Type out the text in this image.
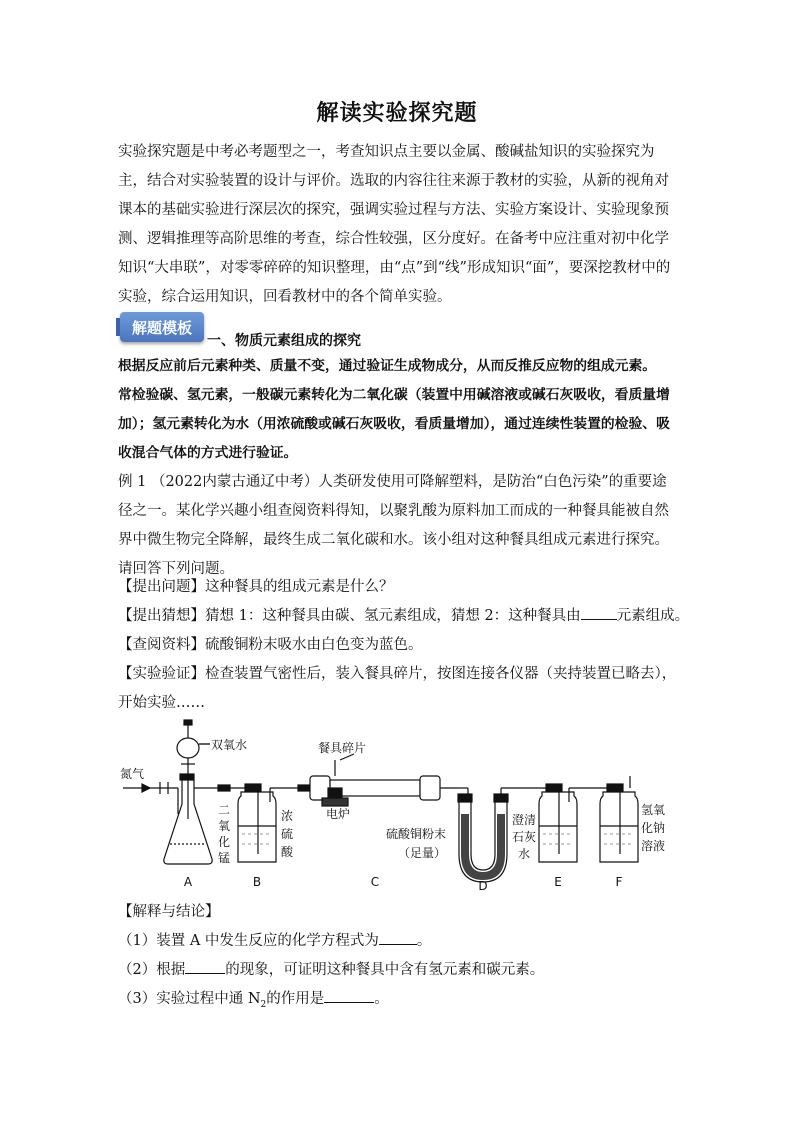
解读实验探究题

实验探究题是中考必考题型之一，考查知识点主要以金属、酸碱盐知识的实验探究为主，结合对实验装置的设计与评价。选取的内容往往来源于教材的实验，从新的视角对课本的基础实验进行深层次的探究，强调实验过程与方法、实验方案设计、实验现象预测、逻辑推理等高阶思维的考查，综合性较强，区分度好。在备考中应注重对初中化学知识“大串联”，对零零碎碎的知识整理，由“点”到“线”形成知识“面”，要深挖教材中的实验，综合运用知识，回看教材中的各个简单实验。

解题模板
一、物质元素组成的探究

根据反应前后元素种类、质量不变，通过验证生成物成分，从而反推反应物的组成元素。

常检验碳、氢元素，一般碳元素转化为二氧化碳（装置中用碱溶液或碱石灰吸收，看质量增加）；氢元素转化为水（用浓硫酸或碱石灰吸收，看质量增加），通过连续性装置的检验、吸收混合气体的方式进行验证。

例 1 （2022内蒙古通辽中考）人类研发使用可降解塑料，是防治“白色污染”的重要途径之一。某化学兴趣小组查阅资料得知，以聚乳酸为原料加工而成的一种餐具能被自然界中微生物完全降解，最终生成二氧化碳和水。该小组对这种餐具组成元素进行探究。请回答下列问题。

【提出问题】这种餐具的组成元素是什么？
【提出猜想】猜想 1：这种餐具由碳、氢元素组成，猜想 2：这种餐具由 元素组成。
【查阅资料】硫酸铜粉末吸水由白色变为蓝色。

【实验验证】检查装置气密性后，装入餐具碎片，按图连接各仪器（夹持装置已略去），开始实验……

双氧水
氮气
二
氧
化
锰
浓
硫
酸
餐具碎片
电炉
硫酸铜粉末
（足量）
澄清
石灰
水
氢氧
化钠
溶液
A	B	C	D	E	F
【解释与结论】
（1）装置 A 中发生反应的化学方程式为	。
（2）根据	的现象，可证明这种餐具中含有氢元素和碳元素。
（3）实验过程中通 $N_2$的作用是	。
